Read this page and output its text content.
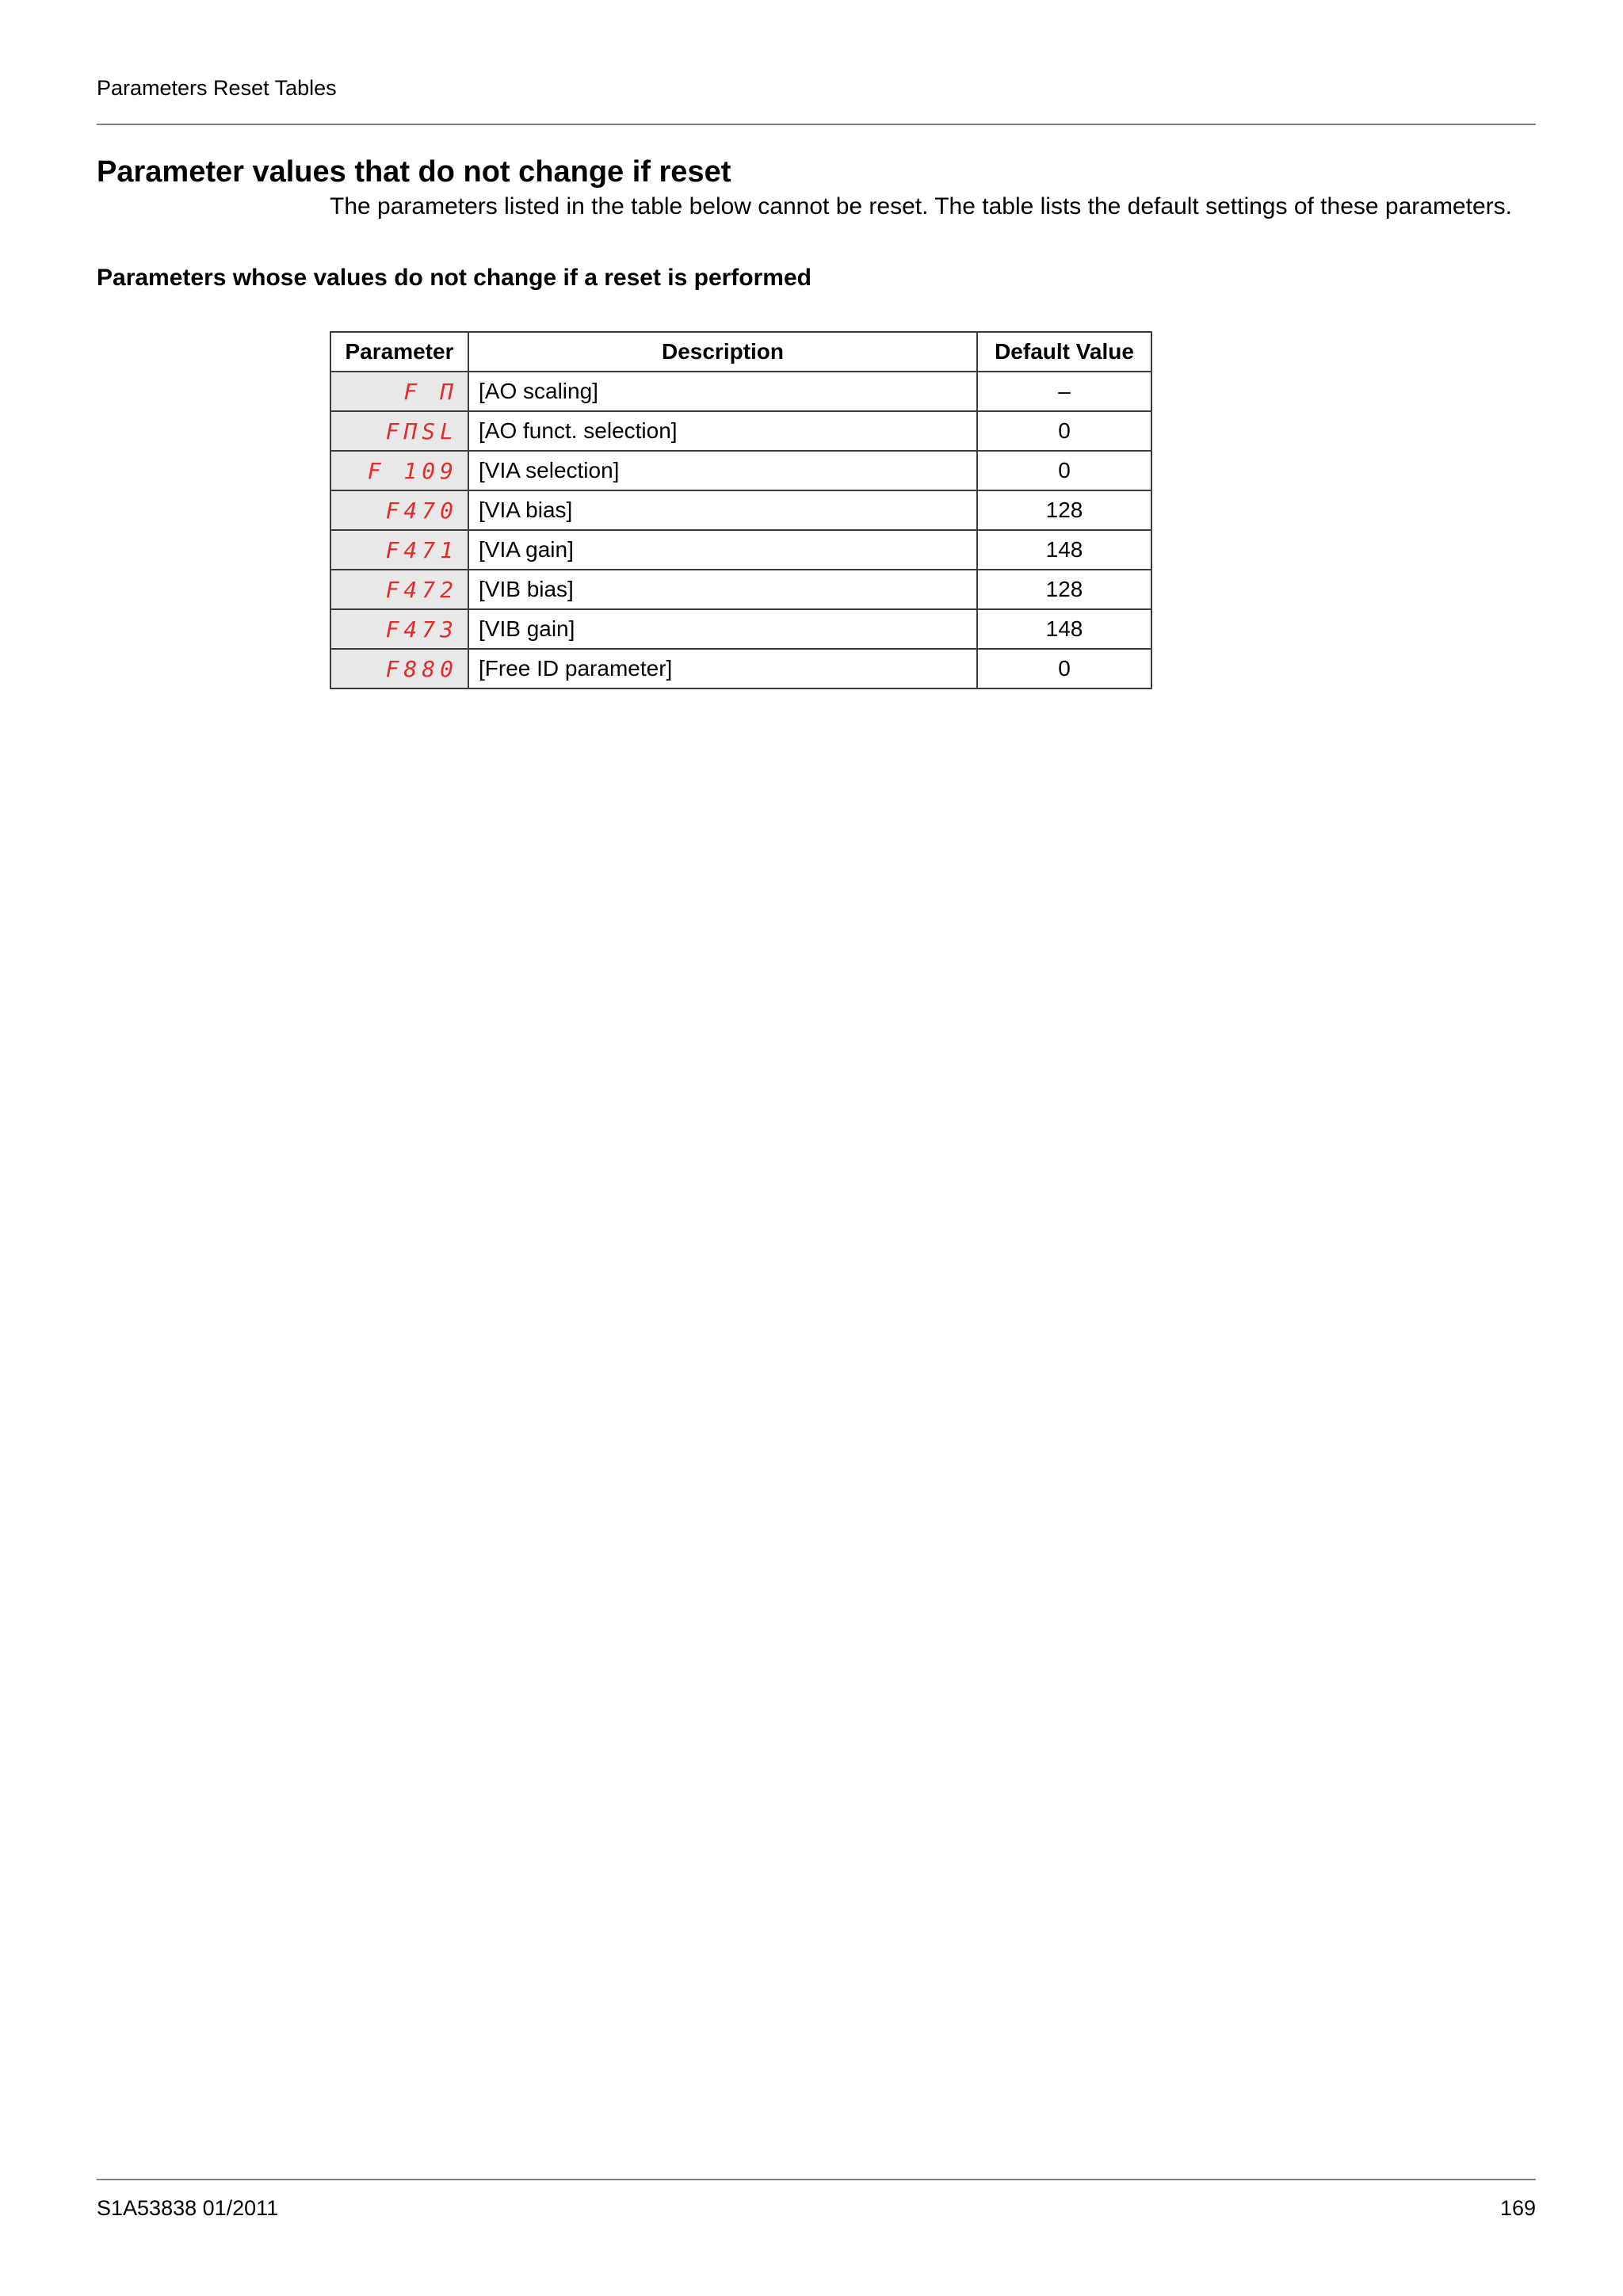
Parameters Reset Tables
Parameter values that do not change if reset
The parameters listed in the table below cannot be reset. The table lists the default settings of these parameters.
Parameters whose values do not change if a reset is performed
Parameter	Description	Default Value
F Π	[AO scaling]	–
FΠSL	[AO funct. selection]	0
F 109	[VIA selection]	0
F470	[VIA bias]	128
F471	[VIA gain]	148
F472	[VIB bias]	128
F473	[VIB gain]	148
F880	[Free ID parameter]	0
S1A53838 01/2011	169
